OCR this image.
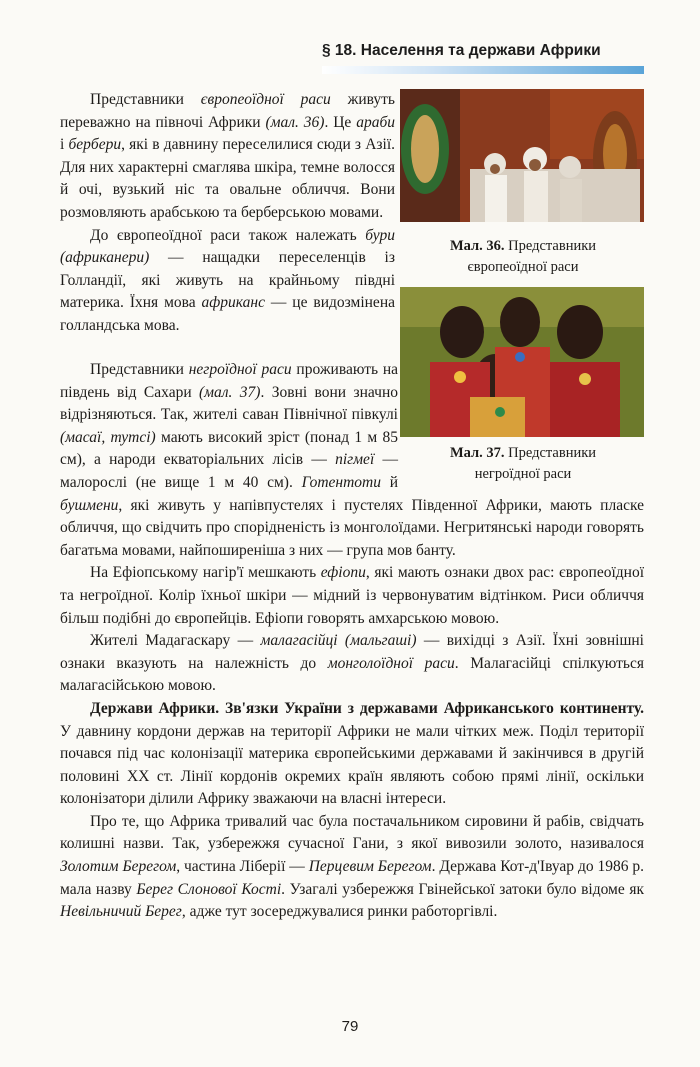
§ 18. Населення та держави Африки
Мал. 36. Представники
європеоїдної раси
Мал. 37. Представники
негроїдної раси

Представники європеоїдної раси живуть переважно на півночі Африки (мал. 36). Це араби і бербери, які в давнину переселилися сюди з Азії. Для них характерні смаглява шкіра, темне волосся й очі, вузький ніс та овальне обличчя. Вони розмовляють арабською та берберською мовами.

До європеоїдної раси також належать бури (африканери) — нащадки переселенців із Голландії, які живуть на крайньому півдні материка. Їхня мова африканс — це видозмінена голландська мова.

Представники негроїдної раси проживають на південь від Сахари (мал. 37). Зовні вони значно відрізняються. Так, жителі саван Північної півкулі (масаї, тутсі) мають високий зріст (понад 1 м 85 см), а народи екваторіальних лісів — пігмеї — малорослі (не вище 1 м 40 см). Готентоти й бушмени, які живуть у напівпустелях і пустелях Південної Африки, мають пласке обличчя, що свідчить про спорідненість із монголоїдами. Негритянські народи говорять багатьма мовами, найпоширеніша з них — група мов банту.

На Ефіопському нагір'ї мешкають ефіопи, які мають ознаки двох рас: європеоїдної та негроїдної. Колір їхньої шкіри — мідний із червонуватим відтінком. Риси обличчя більш подібні до європейців. Ефіопи говорять амхарською мовою.

Жителі Мадагаскару — малагасійці (мальгаші) — вихідці з Азії. Їхні зовнішні ознаки вказують на належність до монголоїдної раси. Малагасійці спілкуються малагасійською мовою.

Держави Африки. Зв'язки України з державами Африканського континенту. У давнину кордони держав на території Африки не мали чітких меж. Поділ території почався під час колонізації материка європейськими державами й закінчився в другій половині XX ст. Лінії кордонів окремих країн являють собою прямі лінії, оскільки колонізатори ділили Африку зважаючи на власні інтереси.

Про те, що Африка тривалий час була постачальником сировини й рабів, свідчать колишні назви. Так, узбережжя сучасної Гани, з якої вивозили золото, називалося Золотим Берегом, частина Ліберії — Перцевим Берегом. Держава Кот-д'Івуар до 1986 р. мала назву Берег Слонової Кості. Узагалі узбережжя Гвінейської затоки було відоме як Невільничий Берег, адже тут зосереджувалися ринки работоргівлі.

79
